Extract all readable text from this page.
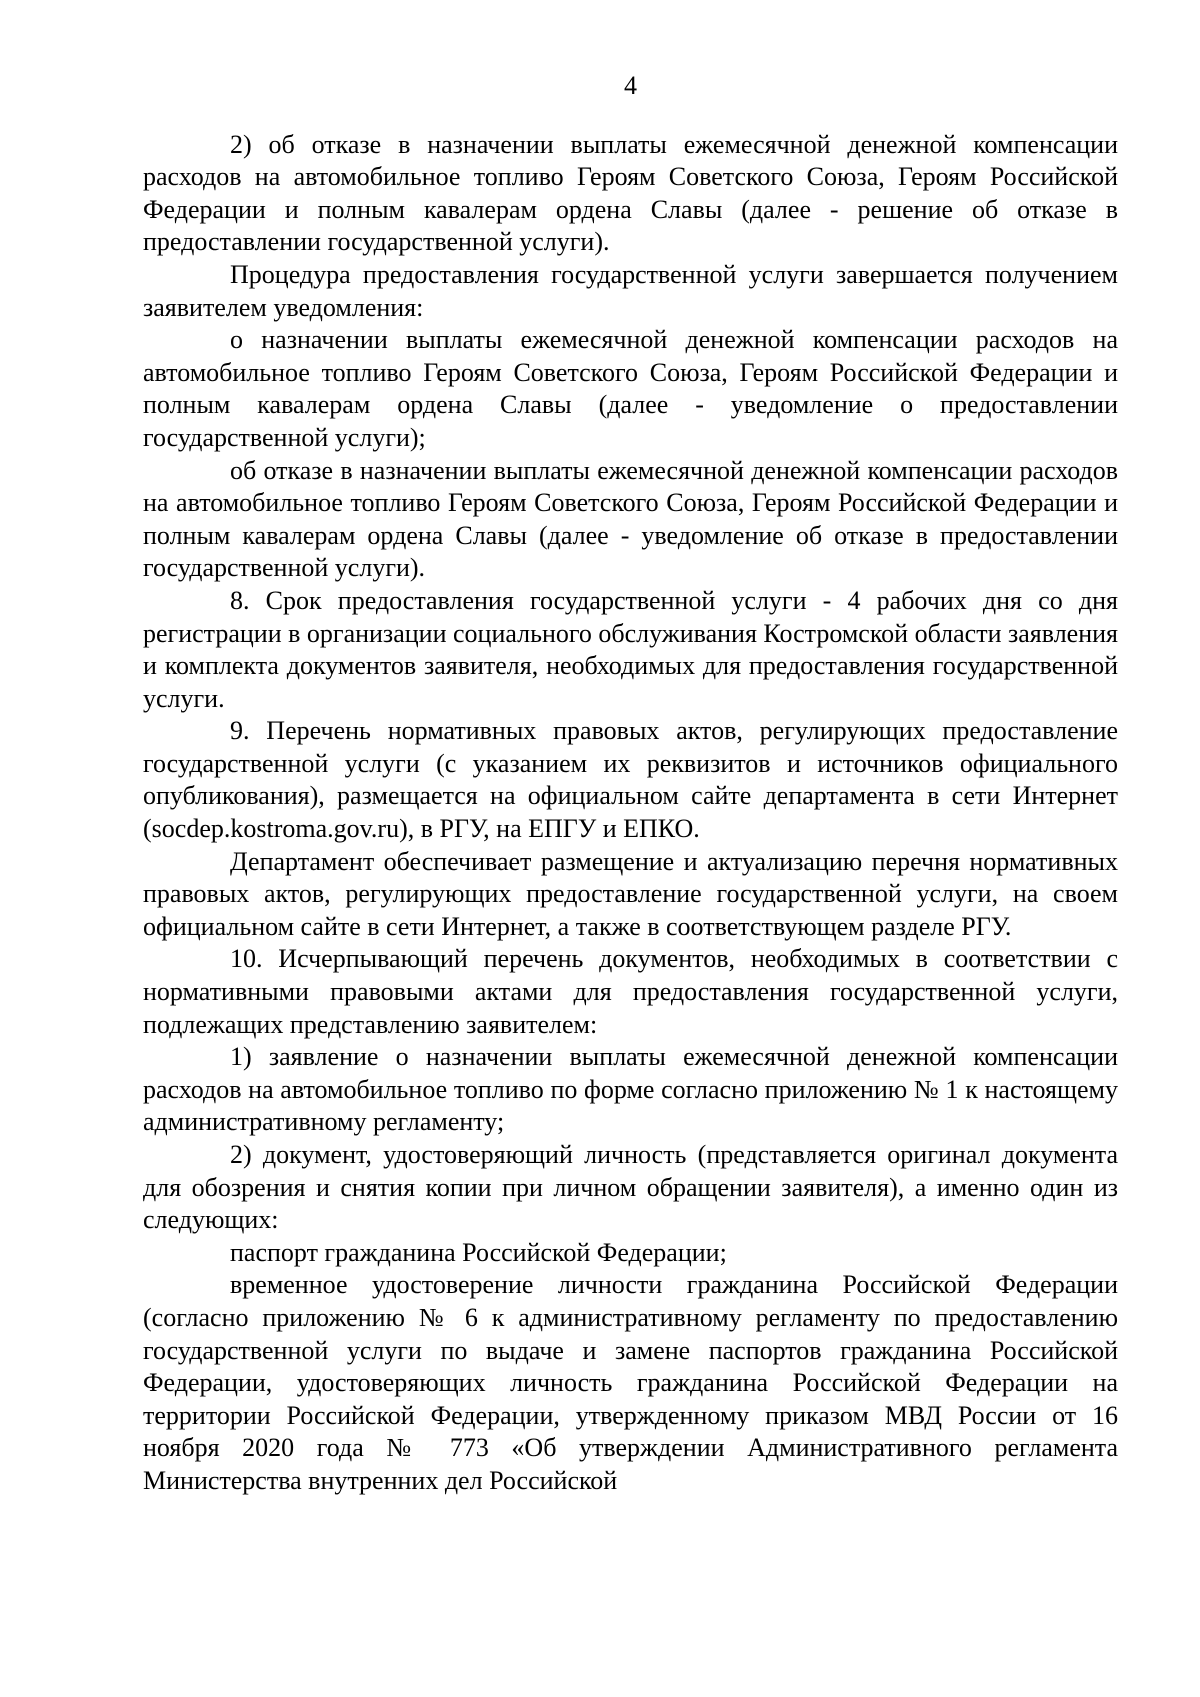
4

2) об отказе в назначении выплаты ежемесячной денежной компенсации расходов на автомобильное топливо Героям Советского Союза, Героям Российской Федерации и полным кавалерам ордена Славы (далее - решение об отказе в предоставлении государственной услуги).

Процедура предоставления государственной услуги завершается получением заявителем уведомления:

о назначении выплаты ежемесячной денежной компенсации расходов на автомобильное топливо Героям Советского Союза, Героям Российской Федерации и полным кавалерам ордена Славы (далее - уведомление о предоставлении государственной услуги);

об отказе в назначении выплаты ежемесячной денежной компенсации расходов на автомобильное топливо Героям Советского Союза, Героям Российской Федерации и полным кавалерам ордена Славы (далее - уведомление об отказе в предоставлении государственной услуги).

8. Срок предоставления государственной услуги - 4 рабочих дня со дня регистрации в организации социального обслуживания Костромской области заявления и комплекта документов заявителя, необходимых для предоставления государственной услуги.

9. Перечень нормативных правовых актов, регулирующих предоставление государственной услуги (с указанием их реквизитов и источников официального опубликования), размещается на официальном сайте департамента в сети Интернет (socdep.kostroma.gov.ru), в РГУ, на ЕПГУ и ЕПКО.

Департамент обеспечивает размещение и актуализацию перечня нормативных правовых актов, регулирующих предоставление государственной услуги, на своем официальном сайте в сети Интернет, а также в соответствующем разделе РГУ.

10. Исчерпывающий перечень документов, необходимых в соответствии с нормативными правовыми актами для предоставления государственной услуги, подлежащих представлению заявителем:

1) заявление о назначении выплаты ежемесячной денежной компенсации расходов на автомобильное топливо по форме согласно приложению № 1 к настоящему административному регламенту;

2) документ, удостоверяющий личность (представляется оригинал документа для обозрения и снятия копии при личном обращении заявителя), а именно один из следующих:

паспорт гражданина Российской Федерации;

временное удостоверение личности гражданина Российской Федерации (согласно приложению № 6 к административному регламенту по предоставлению государственной услуги по выдаче и замене паспортов гражданина Российской Федерации, удостоверяющих личность гражданина Российской Федерации на территории Российской Федерации, утвержденному приказом МВД России от 16 ноября 2020 года № 773 «Об утверждении Административного регламента Министерства внутренних дел Российской
